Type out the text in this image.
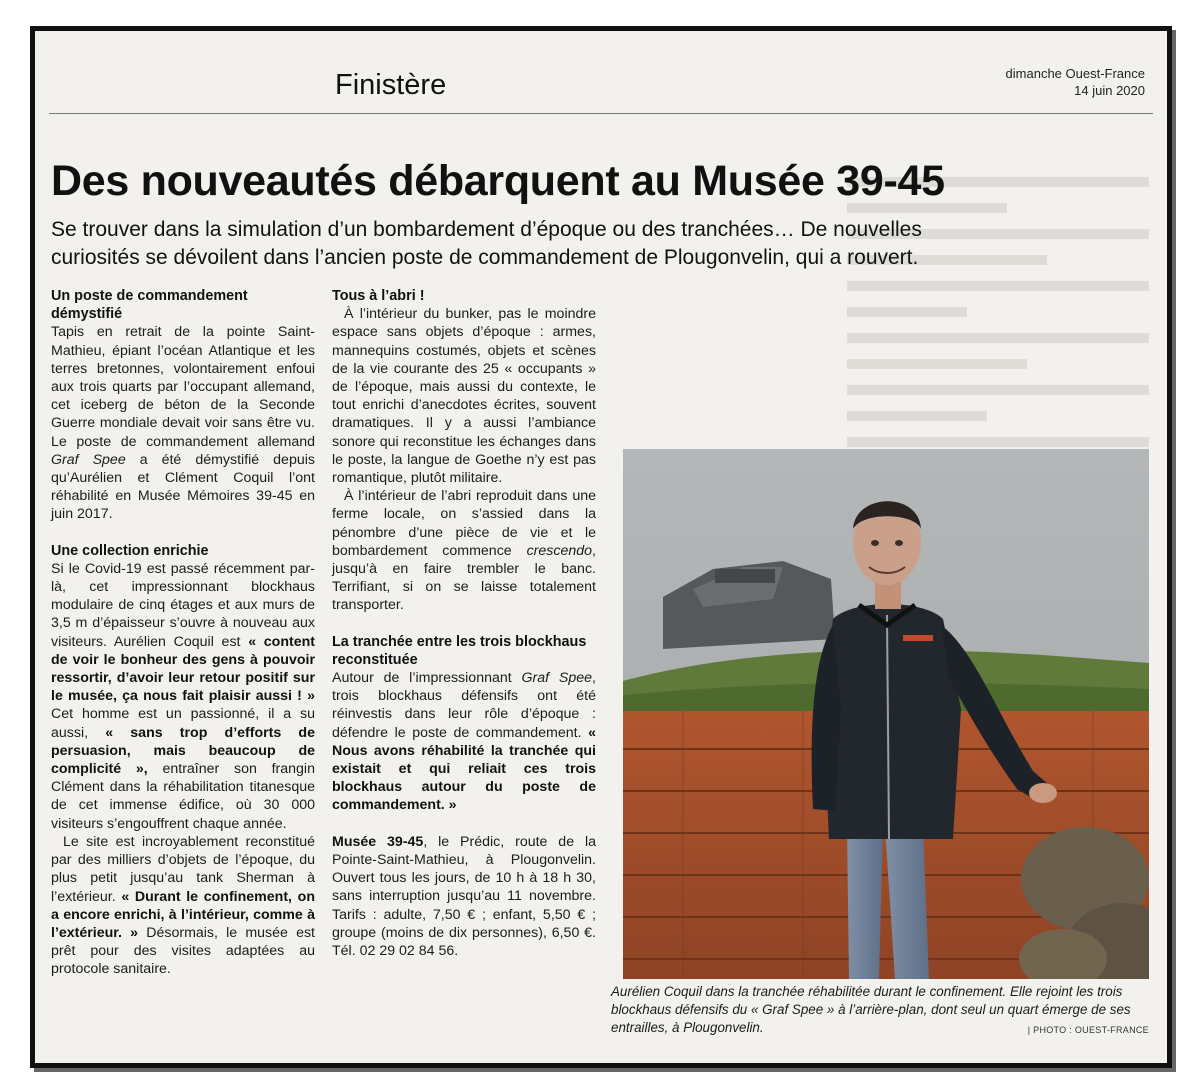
Finistère	dimanche Ouest-France
14 juin 2020
Des nouveautés débarquent au Musée 39-45
Se trouver dans la simulation d’un bombardement d’époque ou des tranchées… De nouvelles curiosités se dévoilent dans l’ancien poste de commandement de Plougonvelin, qui a rouvert.
Un poste de commandement démystifié

Tapis en retrait de la pointe Saint-Mathieu, épiant l’océan Atlantique et les terres bretonnes, volontairement enfoui aux trois quarts par l’occupant allemand, cet iceberg de béton de la Seconde Guerre mondiale devait voir sans être vu. Le poste de commandement allemand Graf Spee a été démystifié depuis qu’Aurélien et Clément Coquil l’ont réhabilité en Musée Mémoires 39-45 en juin 2017.

Une collection enrichie

Si le Covid-19 est passé récemment par-là, cet impressionnant blockhaus modulaire de cinq étages et aux murs de 3,5 m d’épaisseur s’ouvre à nouveau aux visiteurs. Aurélien Coquil est « content de voir le bonheur des gens à pouvoir ressortir, d’avoir leur retour positif sur le musée, ça nous fait plaisir aussi ! » Cet homme est un passionné, il a su aussi, « sans trop d’efforts de persuasion, mais beaucoup de complicité », entraîner son frangin Clément dans la réhabilitation titanesque de cet immense édifice, où 30 000 visiteurs s’engouffrent chaque année.

Le site est incroyablement reconstitué par des milliers d’objets de l’époque, du plus petit jusqu’au tank Sherman à l’extérieur. « Durant le confinement, on a encore enrichi, à l’intérieur, comme à l’extérieur. » Désormais, le musée est prêt pour des visites adaptées au protocole sanitaire.

Tous à l’abri !

À l’intérieur du bunker, pas le moindre espace sans objets d’époque : armes, mannequins costumés, objets et scènes de la vie courante des 25 « occupants » de l’époque, mais aussi du contexte, le tout enrichi d’anecdotes écrites, souvent dramatiques. Il y a aussi l’ambiance sonore qui reconstitue les échanges dans le poste, la langue de Goethe n’y est pas romantique, plutôt militaire.

À l’intérieur de l’abri reproduit dans une ferme locale, on s’assied dans la pénombre d’une pièce de vie et le bombardement commence crescendo, jusqu’à en faire trembler le banc. Terrifiant, si on se laisse totalement transporter.

La tranchée entre les trois blockhaus reconstituée

Autour de l’impressionnant Graf Spee, trois blockhaus défensifs ont été réinvestis dans leur rôle d’époque : défendre le poste de commandement. « Nous avons réhabilité la tranchée qui existait et qui reliait ces trois blockhaus autour du poste de commandement. »

Musée 39-45, le Prédic, route de la Pointe-Saint-Mathieu, à Plougonvelin. Ouvert tous les jours, de 10 h à 18 h 30, sans interruption jusqu’au 11 novembre. Tarifs : adulte, 7,50 € ; enfant, 5,50 € ; groupe (moins de dix personnes), 6,50 €. Tél. 02 29 02 84 56.

Aurélien Coquil dans la tranchée réhabilitée durant le confinement. Elle rejoint les trois blockhaus défensifs du « Graf Spee » à l’arrière-plan, dont seul un quart émerge de ses entrailles, à Plougonvelin.	| PHOTO : OUEST-FRANCE
